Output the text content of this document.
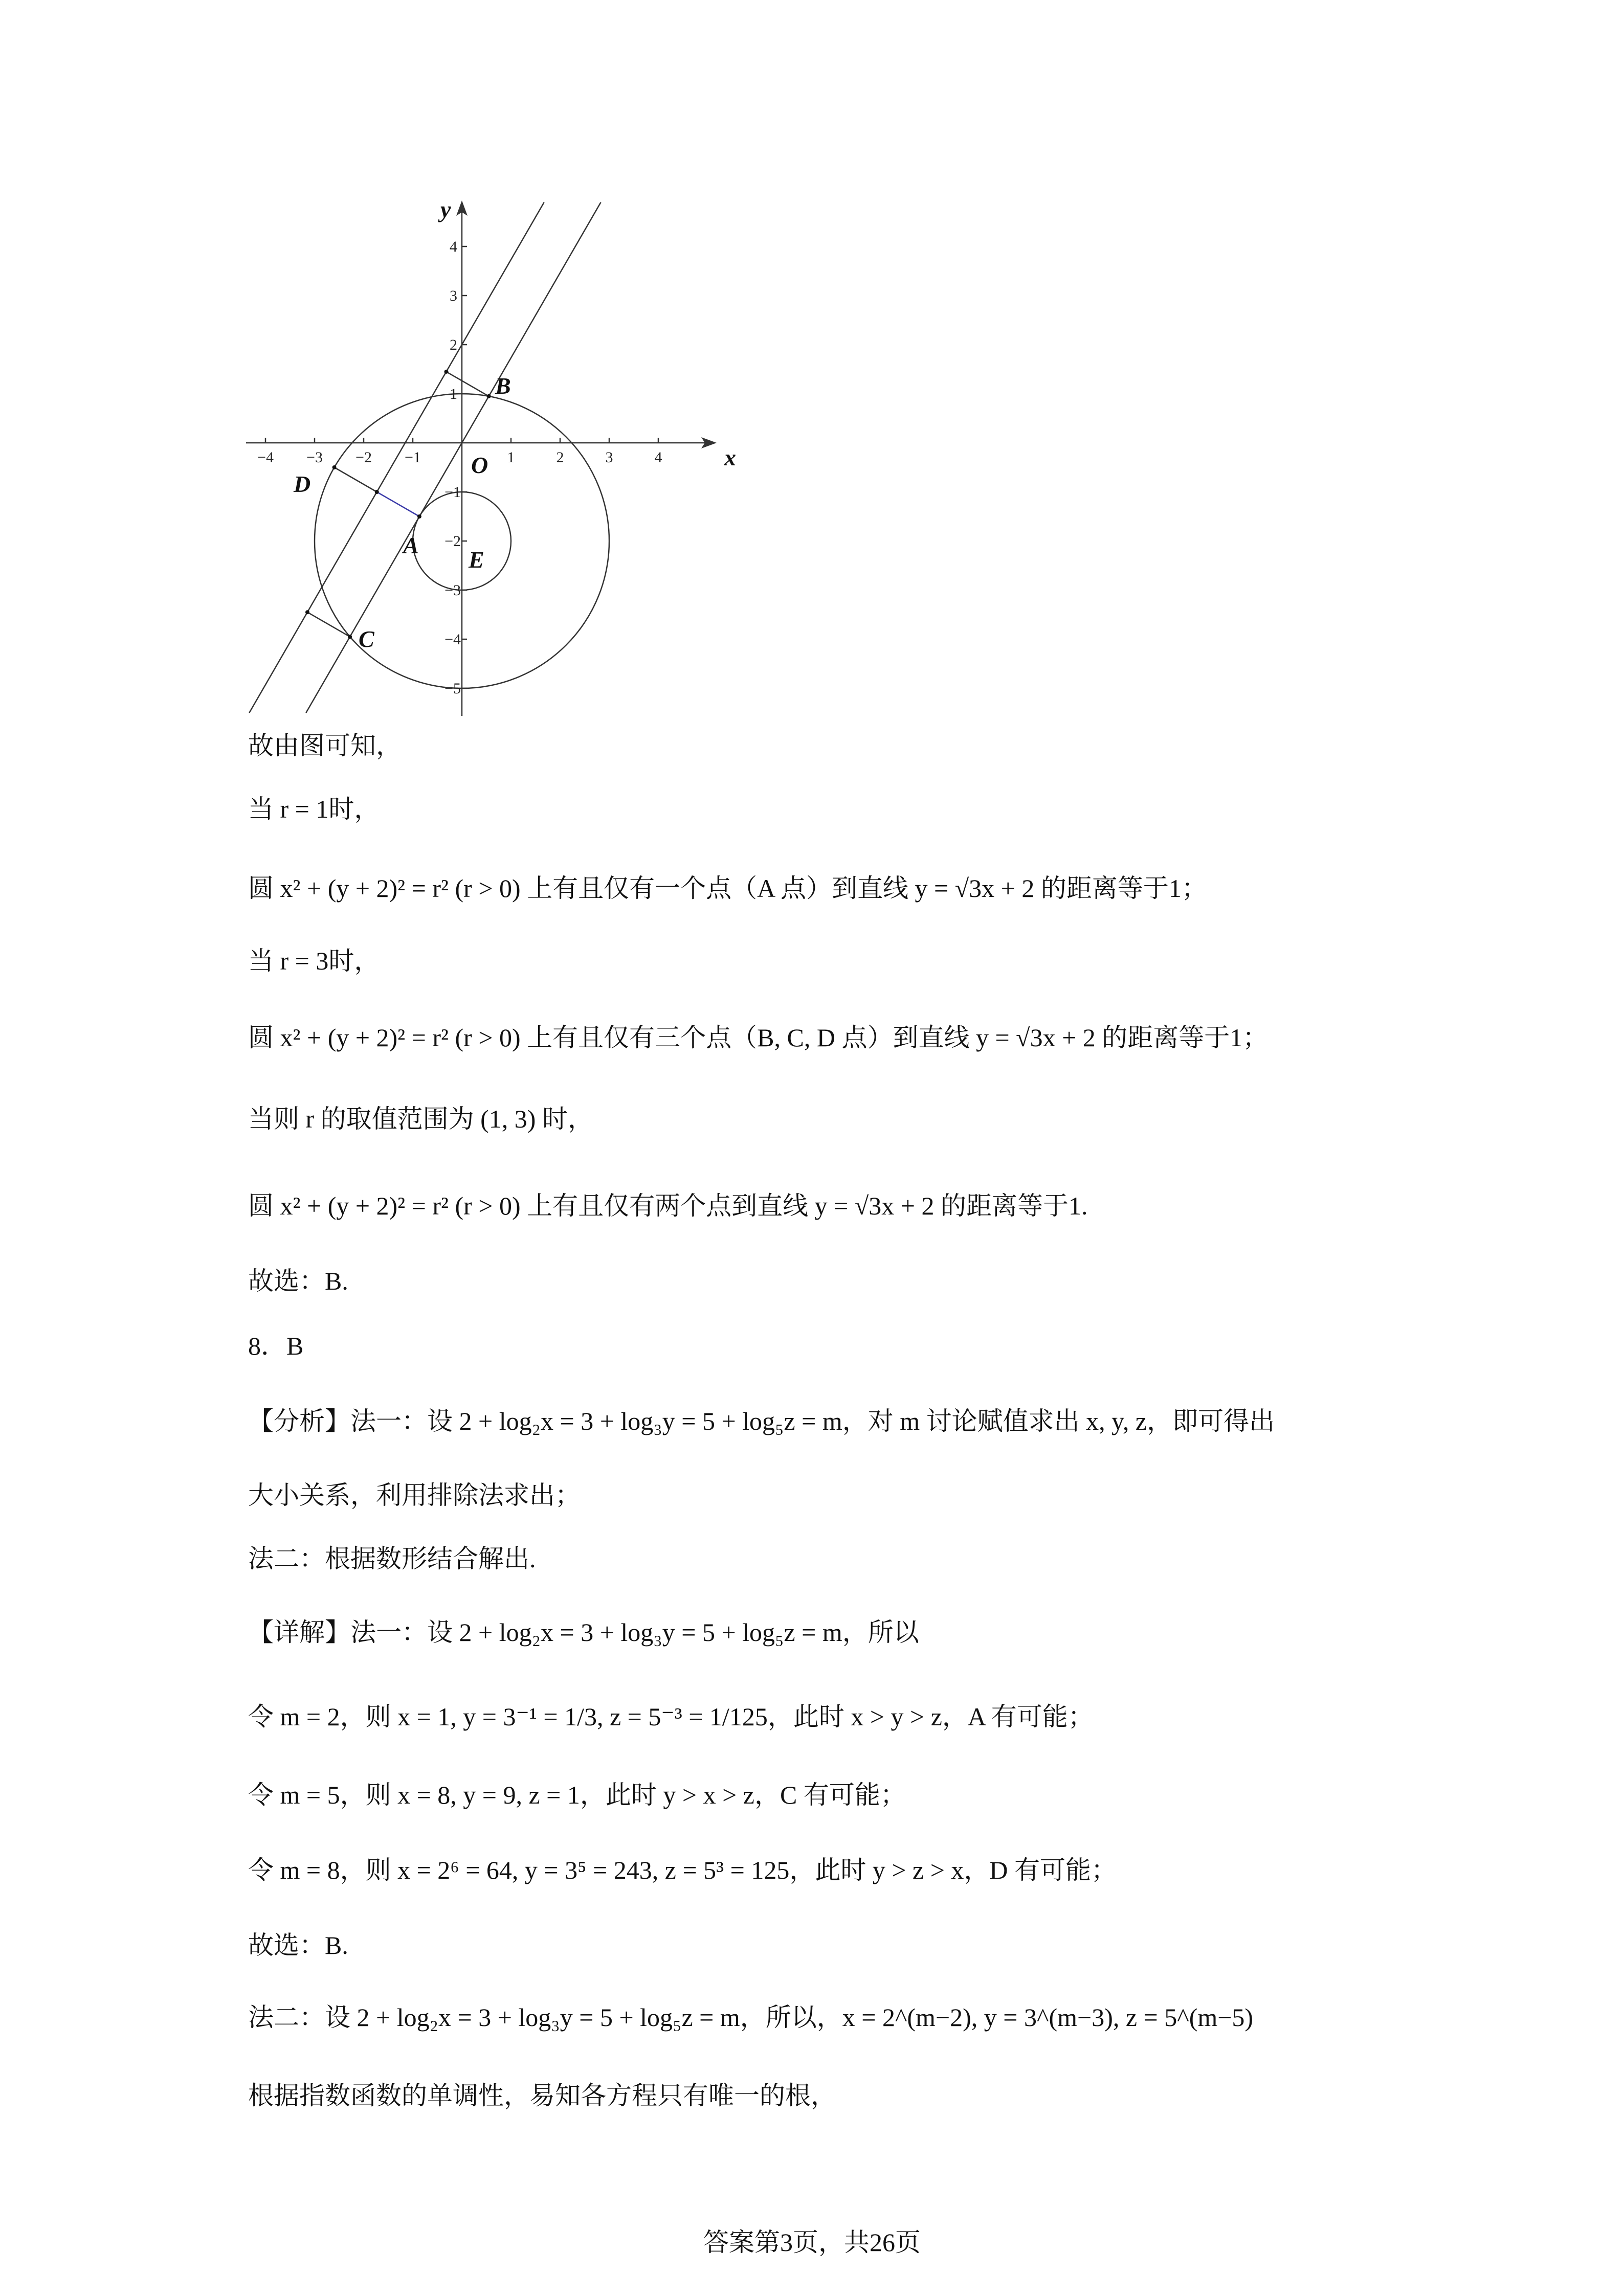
−4 −3 −2 −1	1	2	3	4
4
3
2
1
−1
−2
−3
−4
−5
x
y
O
B
C
D
A
E
故由图可知，
当 r = 1时，
圆 x² + (y + 2)² = r² (r > 0) 上有且仅有一个点（A 点）到直线 y = √3x + 2 的距离等于1；
当 r = 3时，
圆 x² + (y + 2)² = r² (r > 0) 上有且仅有三个点（B, C, D 点）到直线 y = √3x + 2 的距离等于1；
当则 r 的取值范围为 (1, 3) 时，
圆 x² + (y + 2)² = r² (r > 0) 上有且仅有两个点到直线 y = √3x + 2 的距离等于1.
故选：B.
8．B
【分析】法一：设 2 + log₂x = 3 + log₃y = 5 + log₅z = m，对 m 讨论赋值求出 x, y, z，即可得出
大小关系，利用排除法求出；
法二：根据数形结合解出.
【详解】法一：设 2 + log₂x = 3 + log₃y = 5 + log₅z = m，所以
令 m = 2，则 x = 1, y = 3⁻¹ = 1/3, z = 5⁻³ = 1/125，此时 x > y > z，A 有可能；
令 m = 5，则 x = 8, y = 9, z = 1，此时 y > x > z，C 有可能；
令 m = 8，则 x = 2⁶ = 64, y = 3⁵ = 243, z = 5³ = 125，此时 y > z > x，D 有可能；
故选：B.
法二：设 2 + log₂x = 3 + log₃y = 5 + log₅z = m，所以，x = 2^(m−2), y = 3^(m−3), z = 5^(m−5)
根据指数函数的单调性，易知各方程只有唯一的根，
答案第3页，共26页
